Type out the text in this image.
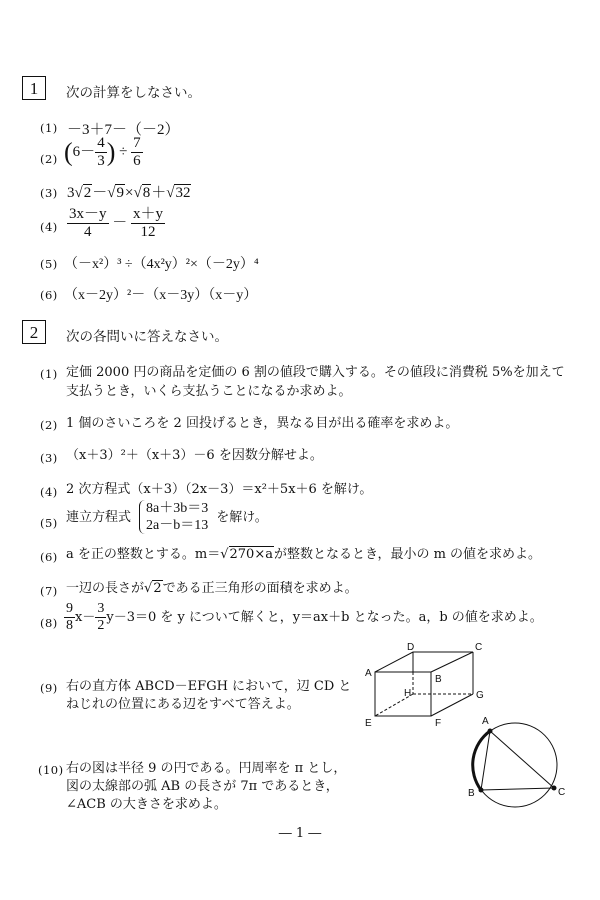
1 次の計算をしなさい。
(1) －3＋7－（－2）
(2) ($6- \frac{4}{3}$ ) ÷ $\frac{7}{6}$
(3) 3√2－√9×√8＋√32
$(4) \frac{3x-y}{4} - \frac{x+y}{12}$
(5) （－x²）³ ÷（4x²y）²×（－2y）⁴
(6) （x－2y）²－（x－3y）（x－y）
2 次の各問いに答えなさい。
(1) 定価 2000 円の商品を定価の 6 割の値段で購入する。その値段に消費税 5%を加えて
支払うとき，いくら支払うことになるか求めよ。
(2) 1 個のさいころを 2 回投げるとき，異なる目が出る確率を求めよ。
(3) （x＋3）²＋（x＋3）－6 を因数分解せよ。
(4) 2 次方程式（x＋3）（2x－3）＝x²＋5x＋6 を解け。
(5) 連立方程式
8a＋3b＝3
2a－b＝13
を解け。
(6) a を正の整数とする。m＝√270×aが整数となるとき，最小の m の値を求めよ。
(7) 一辺の長さが√2である正三角形の面積を求めよ。
$(8) \frac{9}{8} x- \frac{3}{2} y-3=0$ を y について解くと，y＝ax＋b となった。a，b の値を求めよ。
(9) 右の直方体 ABCD－EFGH において，辺 CD と
ねじれの位置にある辺をすべて答えよ。
A
B
C
D
E	F
G
H
(10) 右の図は半径 9 の円である。円周率を π とし，
図の太線部の弧 AB の長さが 7π であるとき，
∠ACB の大きさを求めよ。
A
B	C
― 1 ―
